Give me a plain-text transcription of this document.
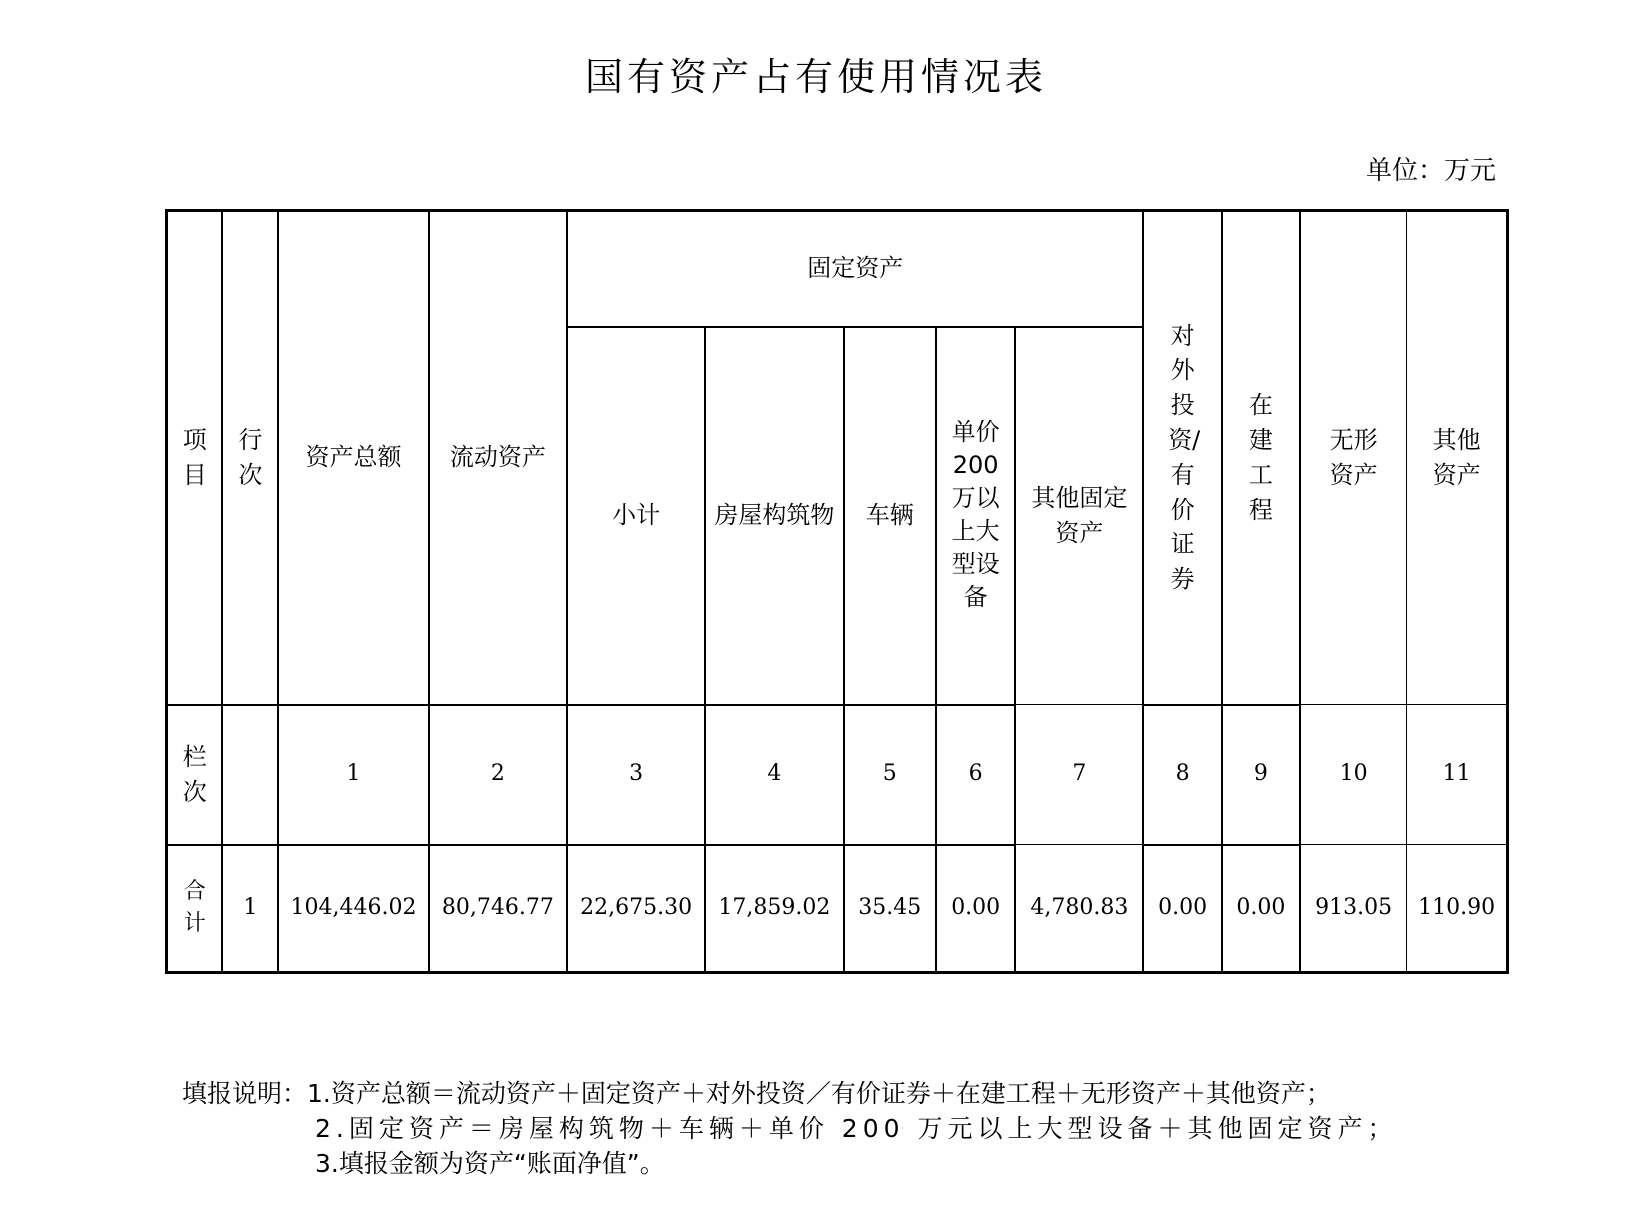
国有资产占有使用情况表
单位：万元
项目	行次	资产总额	流动资产	固定资产					对外投资/有价证券	在建工程	无形资产	其他资产
				小计	房屋构筑物	车辆	单价200万以上大型设备	其他固定资产				
栏次		1	2	3	4	5	6	7	8	9	10	11
合计	1	104,446.02	80,746.77	22,675.30	17,859.02	35.45	0.00	4,780.83	0.00	0.00	913.05	110.90
填报说明：1.资产总额＝流动资产＋固定资产＋对外投资／有价证券＋在建工程＋无形资产＋其他资产；
2.固定资产＝房屋构筑物＋车辆＋单价 200 万元以上大型设备＋其他固定资产；
3.填报金额为资产“账面净值”。
